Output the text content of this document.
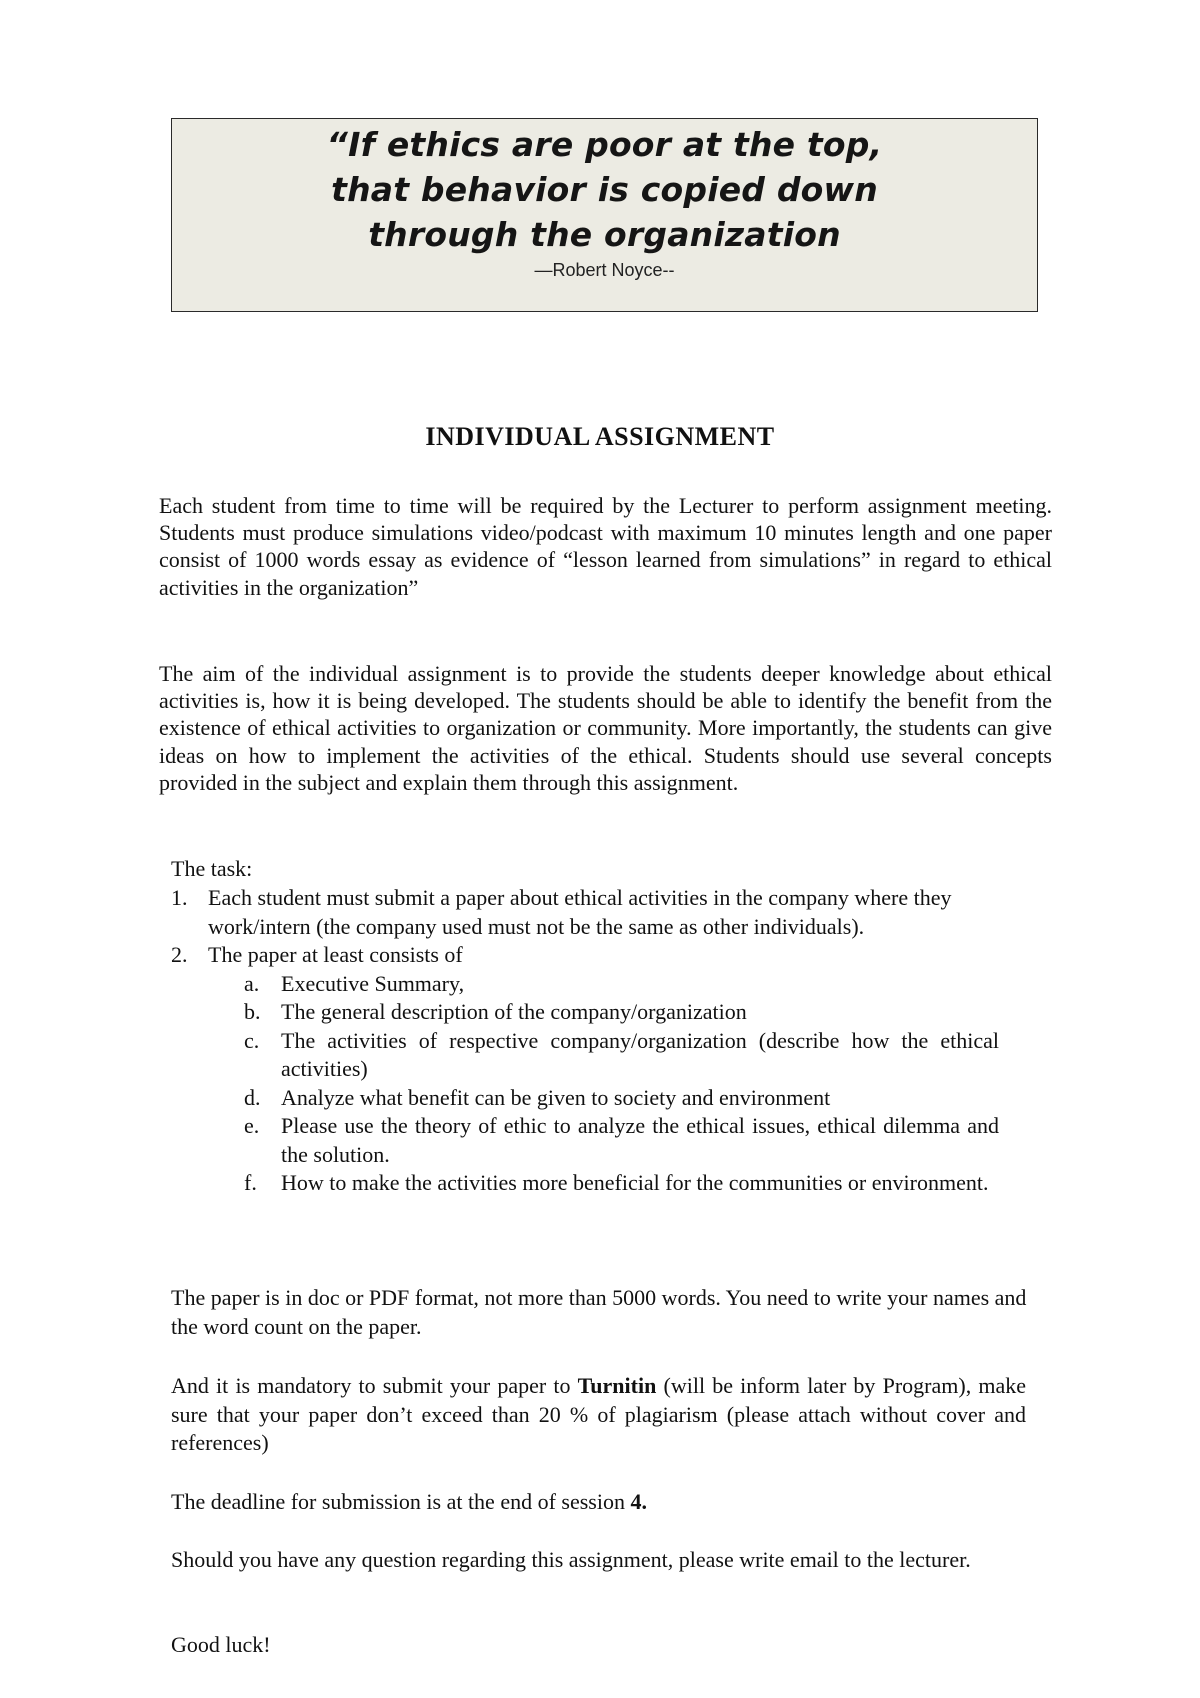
“If ethics are poor at the top,
that behavior is copied down
through the organization
—Robert Noyce--
INDIVIDUAL ASSIGNMENT

Each student from time to time will be required by the Lecturer to perform assignment meeting. Students must produce simulations video/podcast with maximum 10 minutes length and one paper consist of 1000 words essay as evidence of “lesson learned from simulations” in regard to ethical activities in the organization”

The aim of the individual assignment is to provide the students deeper knowledge about ethical activities is, how it is being developed. The students should be able to identify the benefit from the existence of ethical activities to organization or community. More importantly, the students can give ideas on how to implement the activities of the ethical. Students should use several concepts provided in the subject and explain them through this assignment.

The task:
1. Each student must submit a paper about ethical activities in the company where they work/intern (the company used must not be the same as other individuals).
2. The paper at least consists of
a. Executive Summary,
b. The general description of the company/organization
c. The activities of respective company/organization (describe how the ethical activities)
d. Analyze what benefit can be given to society and environment
e. Please use the theory of ethic to analyze the ethical issues, ethical dilemma and the solution.
f. How to make the activities more beneficial for the communities or environment.

The paper is in doc or PDF format, not more than 5000 words. You need to write your names and the word count on the paper.

And it is mandatory to submit your paper to Turnitin (will be inform later by Program), make sure that your paper don’t exceed than 20 % of plagiarism (please attach without cover and references)

The deadline for submission is at the end of session 4.

Should you have any question regarding this assignment, please write email to the lecturer.

Good luck!
